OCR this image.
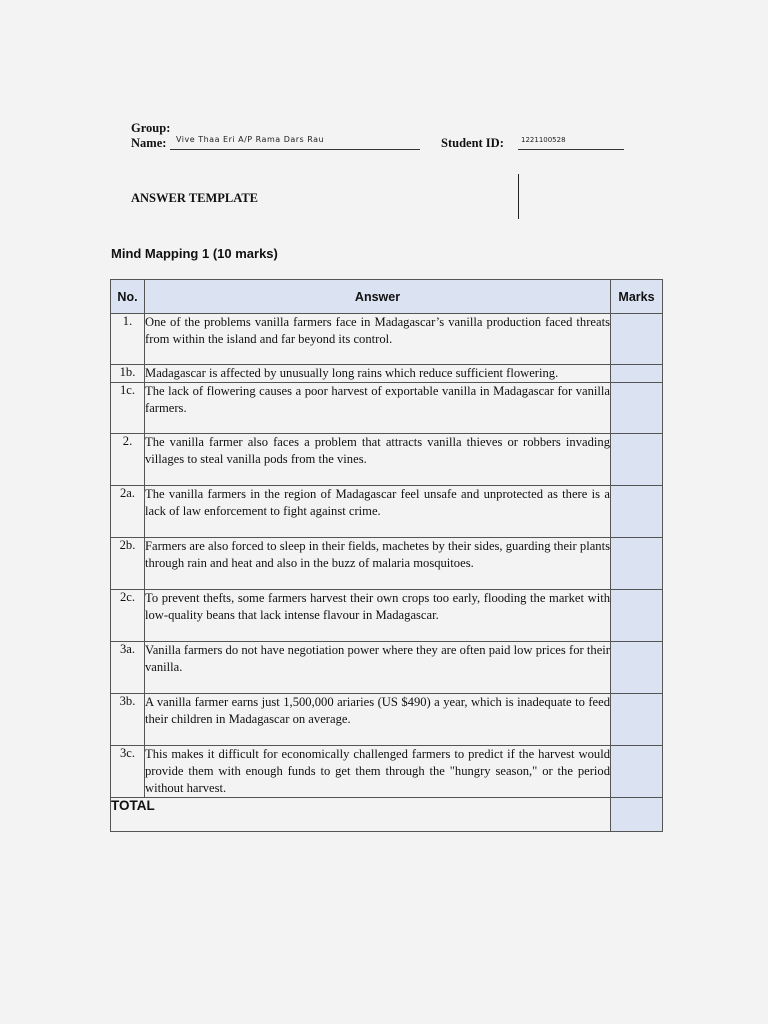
Group:
Name: Vive Thaa Eri A/P Rama Dars Rau	Student ID: 1221100528
ANSWER TEMPLATE
Mind Mapping 1 (10 marks)
No.	Answer	Marks
1.	One of the problems vanilla farmers face in Madagascar’s vanilla production faced threats from within the island and far beyond its control.	
1b.	Madagascar is affected by unusually long rains which reduce sufficient flowering.	
1c.	The lack of flowering causes a poor harvest of exportable vanilla in Madagascar for vanilla farmers.	
2.	The vanilla farmer also faces a problem that attracts vanilla thieves or robbers invading villages to steal vanilla pods from the vines.	
2a.	The vanilla farmers in the region of Madagascar feel unsafe and unprotected as there is a lack of law enforcement to fight against crime.	
2b.	Farmers are also forced to sleep in their fields, machetes by their sides, guarding their plants through rain and heat and also in the buzz of malaria mosquitoes.	
2c.	To prevent thefts, some farmers harvest their own crops too early, flooding the market with low-quality beans that lack intense flavour in Madagascar.	
3a.	Vanilla farmers do not have negotiation power where they are often paid low prices for their vanilla.	
3b.	A vanilla farmer earns just 1,500,000 ariaries (US $490) a year, which is inadequate to feed their children in Madagascar on average.	
3c.	This makes it difficult for economically challenged farmers to predict if the harvest would provide them with enough funds to get them through the "hungry season," or the period without harvest.	
TOTAL		
